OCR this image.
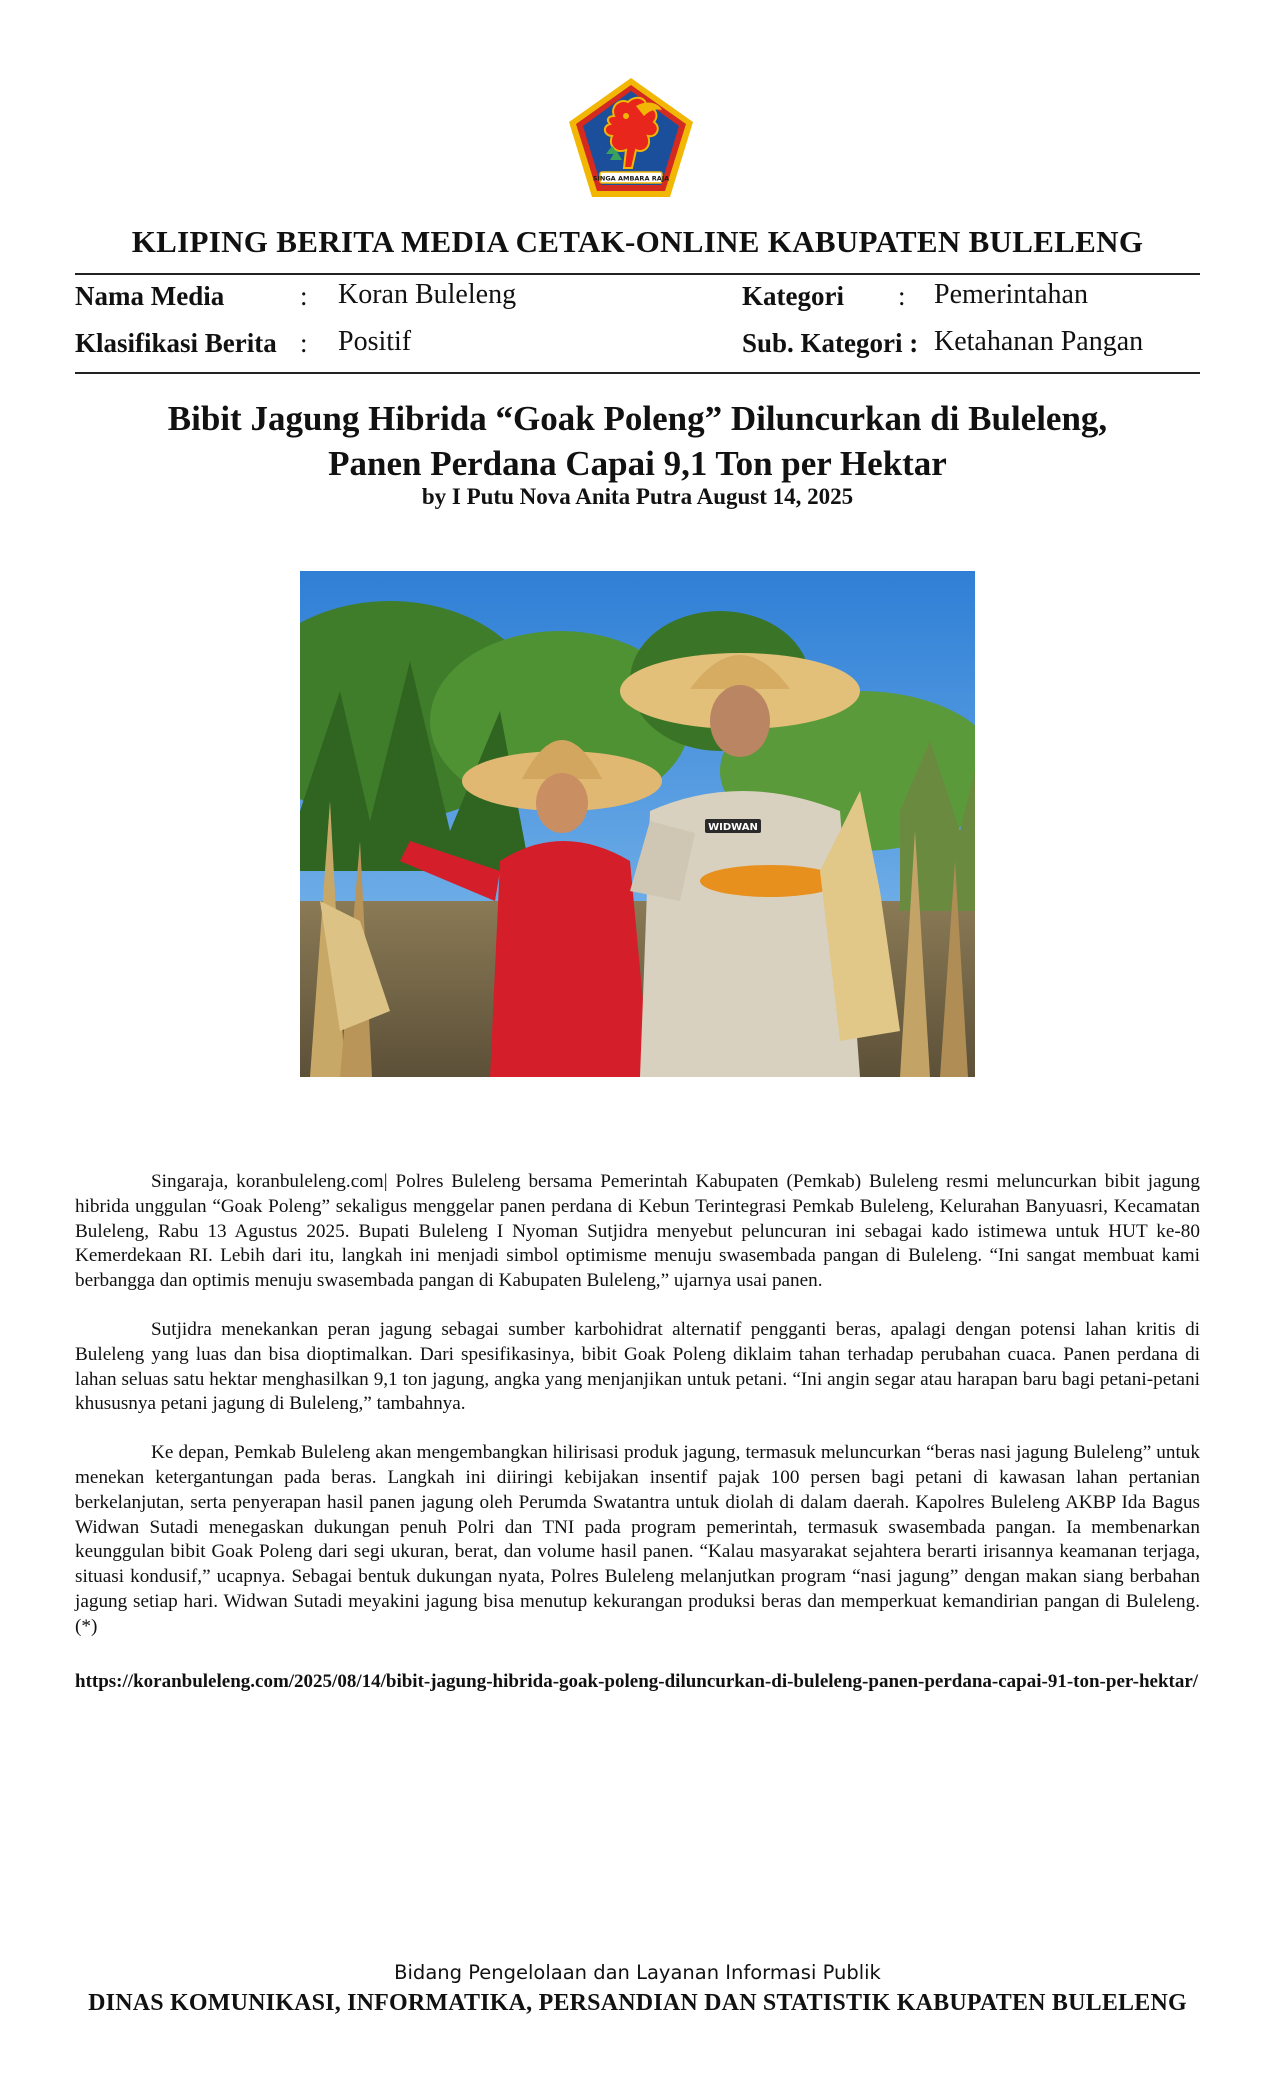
SINGA AMBARA RAJA
KLIPING BERITA MEDIA CETAK-ONLINE KABUPATEN BULELENG
Nama Media	: Koran Buleleng	Kategori : Pemerintahan
Klasifikasi Berita : Positif	Sub. Kategori : Ketahanan Pangan
Bibit Jagung Hibrida “Goak Poleng” Diluncurkan di Buleleng,
Panen Perdana Capai 9,1 Ton per Hektar
by I Putu Nova Anita Putra August 14, 2025
WIDWAN

Singaraja, koranbuleleng.com| Polres Buleleng bersama Pemerintah Kabupaten (Pemkab) Buleleng resmi meluncurkan bibit jagung hibrida unggulan “Goak Poleng” sekaligus menggelar panen perdana di Kebun Terintegrasi Pemkab Buleleng, Kelurahan Banyuasri, Kecamatan Buleleng, Rabu 13 Agustus 2025. Bupati Buleleng I Nyoman Sutjidra menyebut peluncuran ini sebagai kado istimewa untuk HUT ke-80 Kemerdekaan RI. Lebih dari itu, langkah ini menjadi simbol optimisme menuju swasembada pangan di Buleleng. “Ini sangat membuat kami berbangga dan optimis menuju swasembada pangan di Kabupaten Buleleng,” ujarnya usai panen.

Sutjidra menekankan peran jagung sebagai sumber karbohidrat alternatif pengganti beras, apalagi dengan potensi lahan kritis di Buleleng yang luas dan bisa dioptimalkan. Dari spesifikasinya, bibit Goak Poleng diklaim tahan terhadap perubahan cuaca. Panen perdana di lahan seluas satu hektar menghasilkan 9,1 ton jagung, angka yang menjanjikan untuk petani. “Ini angin segar atau harapan baru bagi petani-petani khususnya petani jagung di Buleleng,” tambahnya.

Ke depan, Pemkab Buleleng akan mengembangkan hilirisasi produk jagung, termasuk meluncurkan “beras nasi jagung Buleleng” untuk menekan ketergantungan pada beras. Langkah ini diiringi kebijakan insentif pajak 100 persen bagi petani di kawasan lahan pertanian berkelanjutan, serta penyerapan hasil panen jagung oleh Perumda Swatantra untuk diolah di dalam daerah. Kapolres Buleleng AKBP Ida Bagus Widwan Sutadi menegaskan dukungan penuh Polri dan TNI pada program pemerintah, termasuk swasembada pangan. Ia membenarkan keunggulan bibit Goak Poleng dari segi ukuran, berat, dan volume hasil panen. “Kalau masyarakat sejahtera berarti irisannya keamanan terjaga, situasi kondusif,” ucapnya. Sebagai bentuk dukungan nyata, Polres Buleleng melanjutkan program “nasi jagung” dengan makan siang berbahan jagung setiap hari. Widwan Sutadi meyakini jagung bisa menutup kekurangan produksi beras dan memperkuat kemandirian pangan di Buleleng.(*)

https://koranbuleleng.com/2025/08/14/bibit-jagung-hibrida-goak-poleng-diluncurkan-di-buleleng-panen-perdana-capai-91-ton-per-hektar/
Bidang Pengelolaan dan Layanan Informasi Publik
DINAS KOMUNIKASI, INFORMATIKA, PERSANDIAN DAN STATISTIK KABUPATEN BULELENG
